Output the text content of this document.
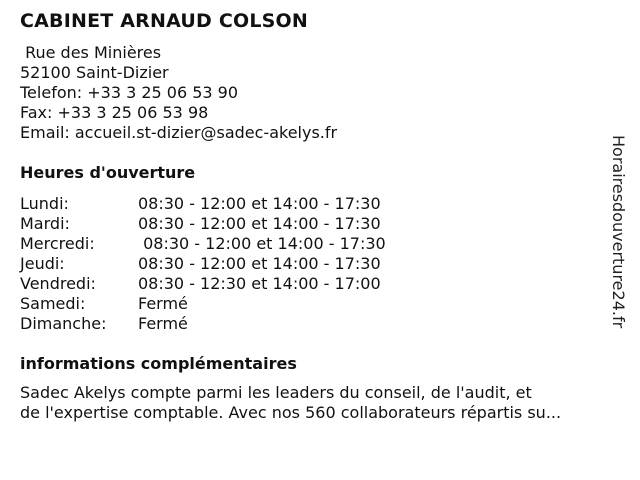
CABINET ARNAUD COLSON
Rue des Minières
52100 Saint-Dizier
Telefon: +33 3 25 06 53 90
Fax: +33 3 25 06 53 98
Email: accueil.st-dizier@sadec-akelys.fr
Heures d'ouverture
Lundi:	08:30 - 12:00 et 14:00 - 17:30
Mardi:	08:30 - 12:00 et 14:00 - 17:30
Mercredi:	08:30 - 12:00 et 14:00 - 17:30
Jeudi:	08:30 - 12:00 et 14:00 - 17:30
Vendredi:	08:30 - 12:30 et 14:00 - 17:00
Samedi:	Fermé
Dimanche: Fermé
informations complémentaires
Sadec Akelys compte parmi les leaders du conseil, de l'audit, et
de l'expertise comptable. Avec nos 560 collaborateurs répartis su...
Horairesdouverture24.fr
